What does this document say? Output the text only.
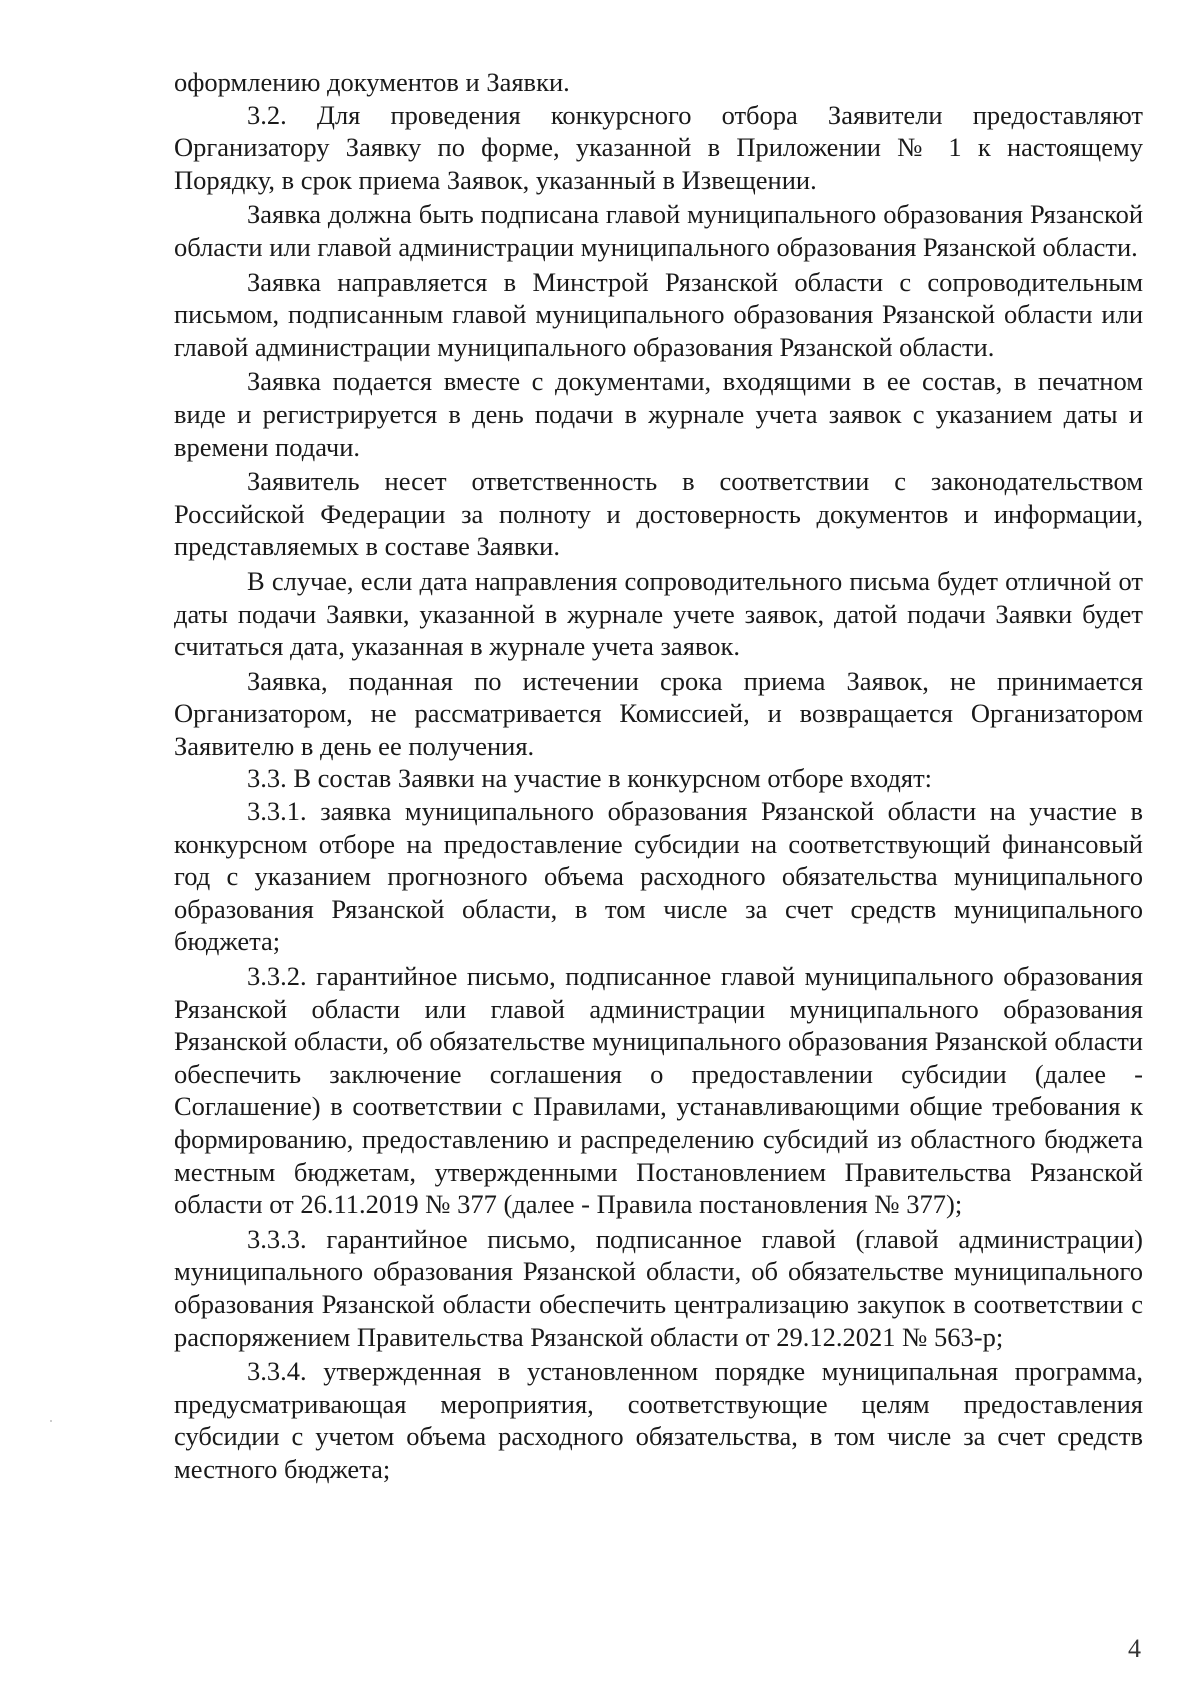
оформлению документов и Заявки.

3.2. Для проведения конкурсного отбора Заявители предоставляют Организатору Заявку по форме, указанной в Приложении № 1 к настоящему Порядку, в срок приема Заявок, указанный в Извещении.

Заявка должна быть подписана главой муниципального образования Рязанской области или главой администрации муниципального образования Рязанской области.

Заявка направляется в Минстрой Рязанской области с сопроводительным письмом, подписанным главой муниципального образования Рязанской области или главой администрации муниципального образования Рязанской области.

Заявка подается вместе с документами, входящими в ее состав, в печатном виде и регистрируется в день подачи в журнале учета заявок с указанием даты и времени подачи.

Заявитель несет ответственность в соответствии с законодательством Российской Федерации за полноту и достоверность документов и информации, представляемых в составе Заявки.

В случае, если дата направления сопроводительного письма будет отличной от даты подачи Заявки, указанной в журнале учете заявок, датой подачи Заявки будет считаться дата, указанная в журнале учета заявок.

Заявка, поданная по истечении срока приема Заявок, не принимается Организатором, не рассматривается Комиссией, и возвращается Организатором Заявителю в день ее получения.

3.3. В состав Заявки на участие в конкурсном отборе входят:

3.3.1. заявка муниципального образования Рязанской области на участие в конкурсном отборе на предоставление субсидии на соответствующий финансовый год с указанием прогнозного объема расходного обязательства муниципального образования Рязанской области, в том числе за счет средств муниципального бюджета;

3.3.2. гарантийное письмо, подписанное главой муниципального образования Рязанской области или главой администрации муниципального образования Рязанской области, об обязательстве муниципального образования Рязанской области обеспечить заключение соглашения о предоставлении субсидии (далее - Соглашение) в соответствии с Правилами, устанавливающими общие требования к формированию, предоставлению и распределению субсидий из областного бюджета местным бюджетам, утвержденными Постановлением Правительства Рязанской области от 26.11.2019 № 377 (далее - Правила постановления № 377);

3.3.3. гарантийное письмо, подписанное главой (главой администрации) муниципального образования Рязанской области, об обязательстве муниципального образования Рязанской области обеспечить централизацию закупок в соответствии с распоряжением Правительства Рязанской области от 29.12.2021 № 563-р;

3.3.4. утвержденная в установленном порядке муниципальная программа, предусматривающая мероприятия, соответствующие целям предоставления субсидии с учетом объема расходного обязательства, в том числе за счет средств местного бюджета;

4
